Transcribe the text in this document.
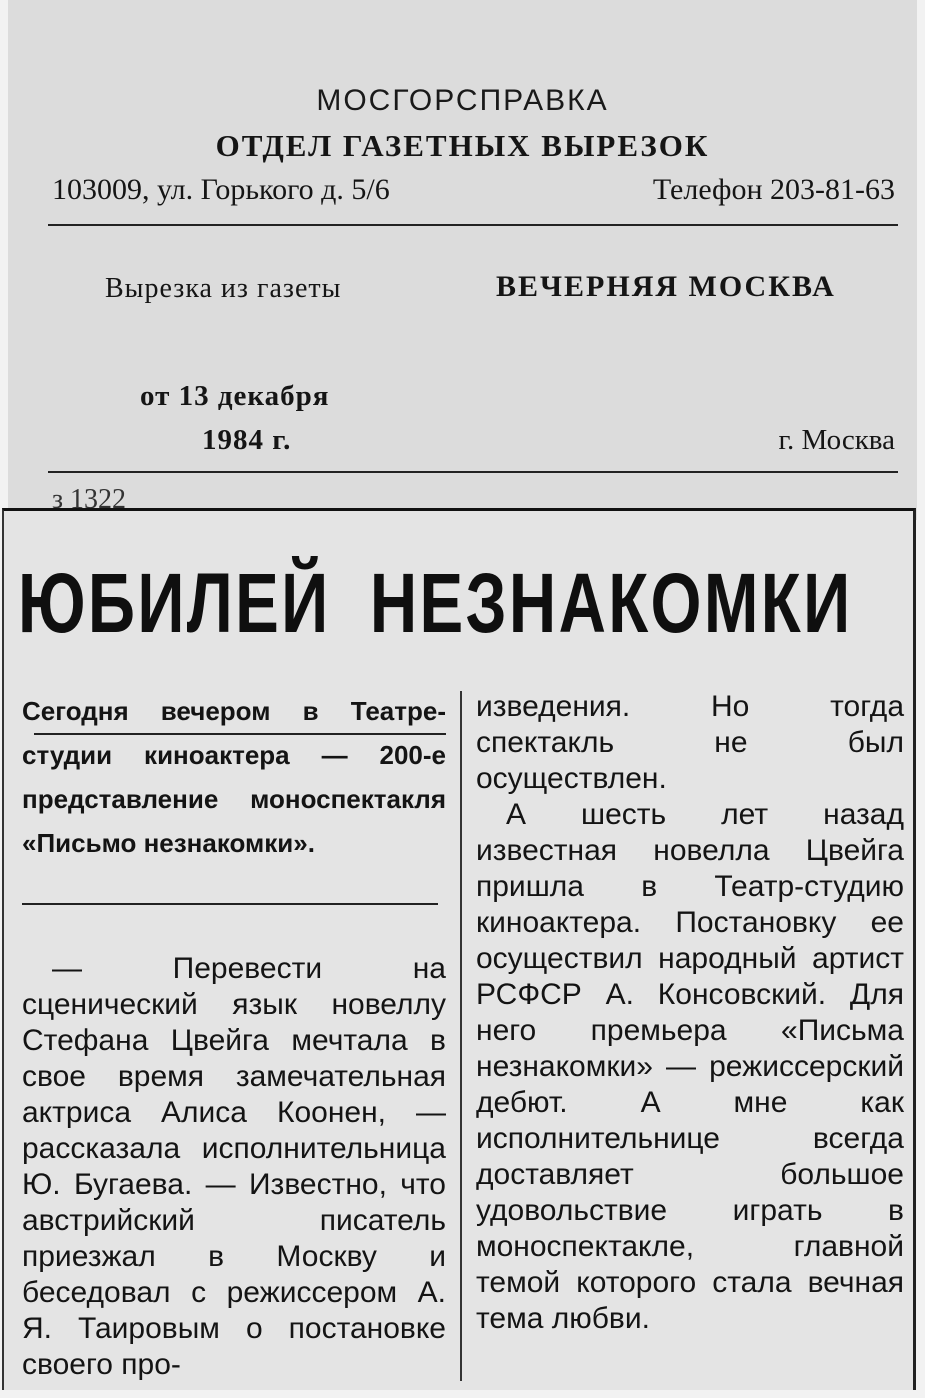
МОСГОРСПРАВКА
ОТДЕЛ ГАЗЕТНЫХ ВЫРЕЗОК
103009, ул. Горького д. 5/6	Телефон 203-81-63
Вырезка из газеты	ВЕЧЕРНЯЯ МОСКВА
от 13 декабря
1984 г.	г. Москва
з 1322
ЮБИЛЕЙ НЕЗНАКОМКИ

Сегодня вечером в Театре-студии киноактера — 200-е представление моноспектакля «Письмо незнакомки».

— Перевести на сценический язык новеллу Стефана Цвейга мечтала в свое время замечательная актриса Алиса Коонен, — рассказала исполнительница Ю. Бугаева. — Известно, что австрийский писатель приезжал в Москву и беседовал с режиссером А. Я. Таировым о постановке своего про-

изведения. Но тогда спектакль не был осуществлен.

А шесть лет назад известная новелла Цвейга пришла в Театр-студию киноактера. Постановку ее осуществил народный артист РСФСР А. Консовский. Для него премьера «Письма незнакомки» — режиссерский дебют. А мне как исполнительнице всегда доставляет большое удовольствие играть в моноспектакле, главной темой которого стала вечная тема любви.
